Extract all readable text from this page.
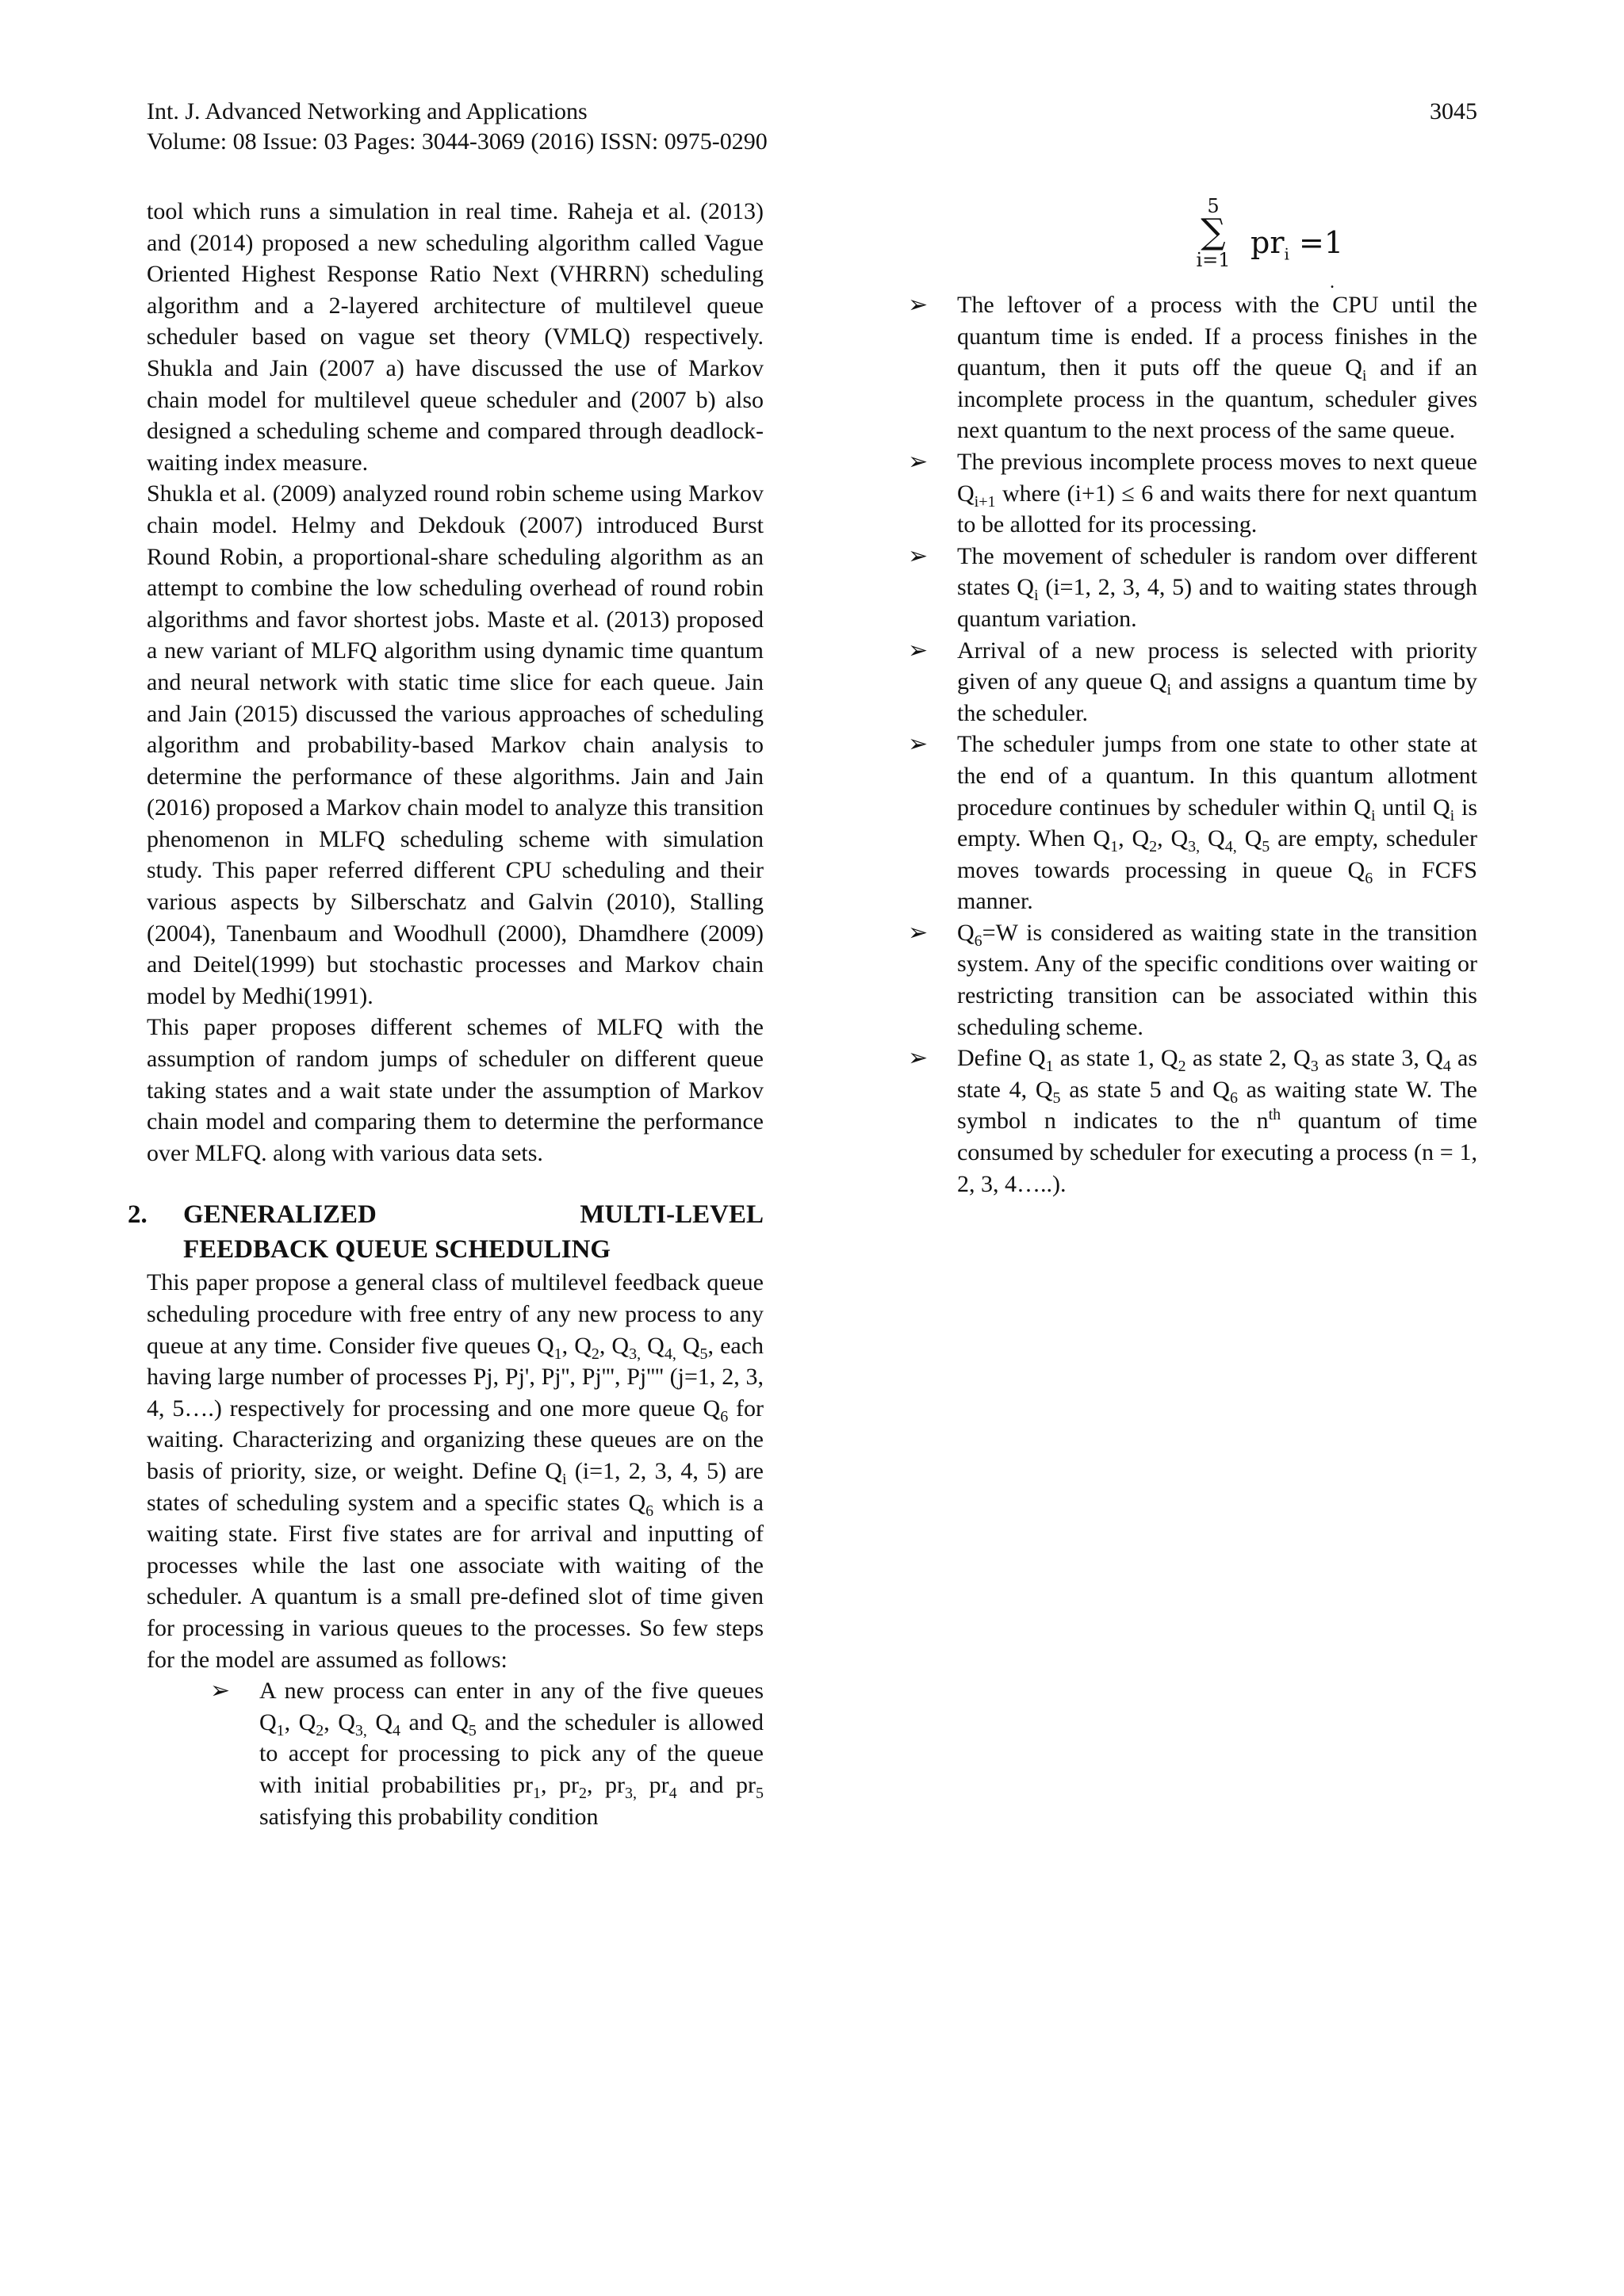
Int. J. Advanced Networking and Applications
Volume: 08 Issue: 03 Pages: 3044-3069 (2016) ISSN: 0975-0290
3045

tool which runs a simulation in real time. Raheja et al. (2013) and (2014) proposed a new scheduling algorithm called Vague Oriented Highest Response Ratio Next (VHRRN) scheduling algorithm and a 2-layered architecture of multilevel queue scheduler based on vague set theory (VMLQ) respectively. Shukla and Jain (2007 a) have discussed the use of Markov chain model for multilevel queue scheduler and (2007 b) also designed a scheduling scheme and compared through deadlock-waiting index measure.

Shukla et al. (2009) analyzed round robin scheme using Markov chain model. Helmy and Dekdouk (2007) introduced Burst Round Robin, a proportional-share scheduling algorithm as an attempt to combine the low scheduling overhead of round robin algorithms and favor shortest jobs. Maste et al. (2013) proposed a new variant of MLFQ algorithm using dynamic time quantum and neural network with static time slice for each queue. Jain and Jain (2015) discussed the various approaches of scheduling algorithm and probability-based Markov chain analysis to determine the performance of these algorithms. Jain and Jain (2016) proposed a Markov chain model to analyze this transition phenomenon in MLFQ scheduling scheme with simulation study. This paper referred different CPU scheduling and their various aspects by Silberschatz and Galvin (2010), Stalling (2004), Tanenbaum and Woodhull (2000), Dhamdhere (2009) and Deitel(1999) but stochastic processes and Markov chain model by Medhi(1991).

This paper proposes different schemes of MLFQ with the assumption of random jumps of scheduler on different queue taking states and a wait state under the assumption of Markov chain model and comparing them to determine the performance over MLFQ. along with various data sets.

2.	GENERALIZED	MULTI-LEVEL
FEEDBACK QUEUE SCHEDULING

This paper propose a general class of multilevel feedback queue scheduling procedure with free entry of any new process to any queue at any time. Consider five queues $Q_1$, $Q_2$, $Q_{3,}$ $Q_{4,}$ $Q_5$, each having large number of processes Pj, Pj', Pj'', Pj''', Pj'''' (j=1, 2, 3, 4, 5….) respectively for processing and one more queue $Q_6$ for waiting. Characterizing and organizing these queues are on the basis of priority, size, or weight. Define $Q_i$ (i=1, 2, 3, 4, 5) are states of scheduling system and a specific states $Q_6$ which is a waiting state. First five states are for arrival and inputting of processes while the last one associate with waiting of the scheduler. A quantum is a small pre-defined slot of time given for processing in various queues to the processes. So few steps for the model are assumed as follows:

➢ A new process can enter in any of the five queues $Q_1$, $Q_2$, $Q_{3,}$ $Q_4$ and $Q_5$ and the scheduler is allowed to accept for processing to pick any of the queue with initial probabilities $pr_1$, $pr_2$, $pr_{3,}$ $pr_4$ and $pr_5$ satisfying this probability condition
5
∑
i=1 $pr_i =1$
.
➢ The leftover of a process with the CPU until the quantum time is ended. If a process finishes in the quantum, then it puts off the queue $Q_i$ and if an incomplete process in the quantum, scheduler gives next quantum to the next process of the same queue.
➢ The previous incomplete process moves to next queue $Q_{i+1}$ where (i+1) ≤ 6 and waits there for next quantum to be allotted for its processing.
➢ The movement of scheduler is random over different states $Q_i$ (i=1, 2, 3, 4, 5) and to waiting states through quantum variation.
➢ Arrival of a new process is selected with priority given of any queue $Q_i$ and assigns a quantum time by the scheduler.
➢ The scheduler jumps from one state to other state at the end of a quantum. In this quantum allotment procedure continues by scheduler within $Q_i$ until $Q_i$ is empty. When $Q_1$, $Q_2$, $Q_{3,}$ $Q_{4,}$ $Q_5$ are empty, scheduler moves towards processing in queue $Q_6$ in FCFS manner.
➢ $Q_6=W$ is considered as waiting state in the transition system. Any of the specific conditions over waiting or restricting transition can be associated within this scheduling scheme.
➢ Define $Q_1$ as state 1, $Q_2$ as state 2, $Q_3$ as state 3, $Q_4$ as state 4, $Q_5$ as state 5 and $Q_6$ as waiting state W. The symbol n indicates to the $n^{th}$ quantum of time consumed by scheduler for executing a process (n = 1, 2, 3, 4…..).
